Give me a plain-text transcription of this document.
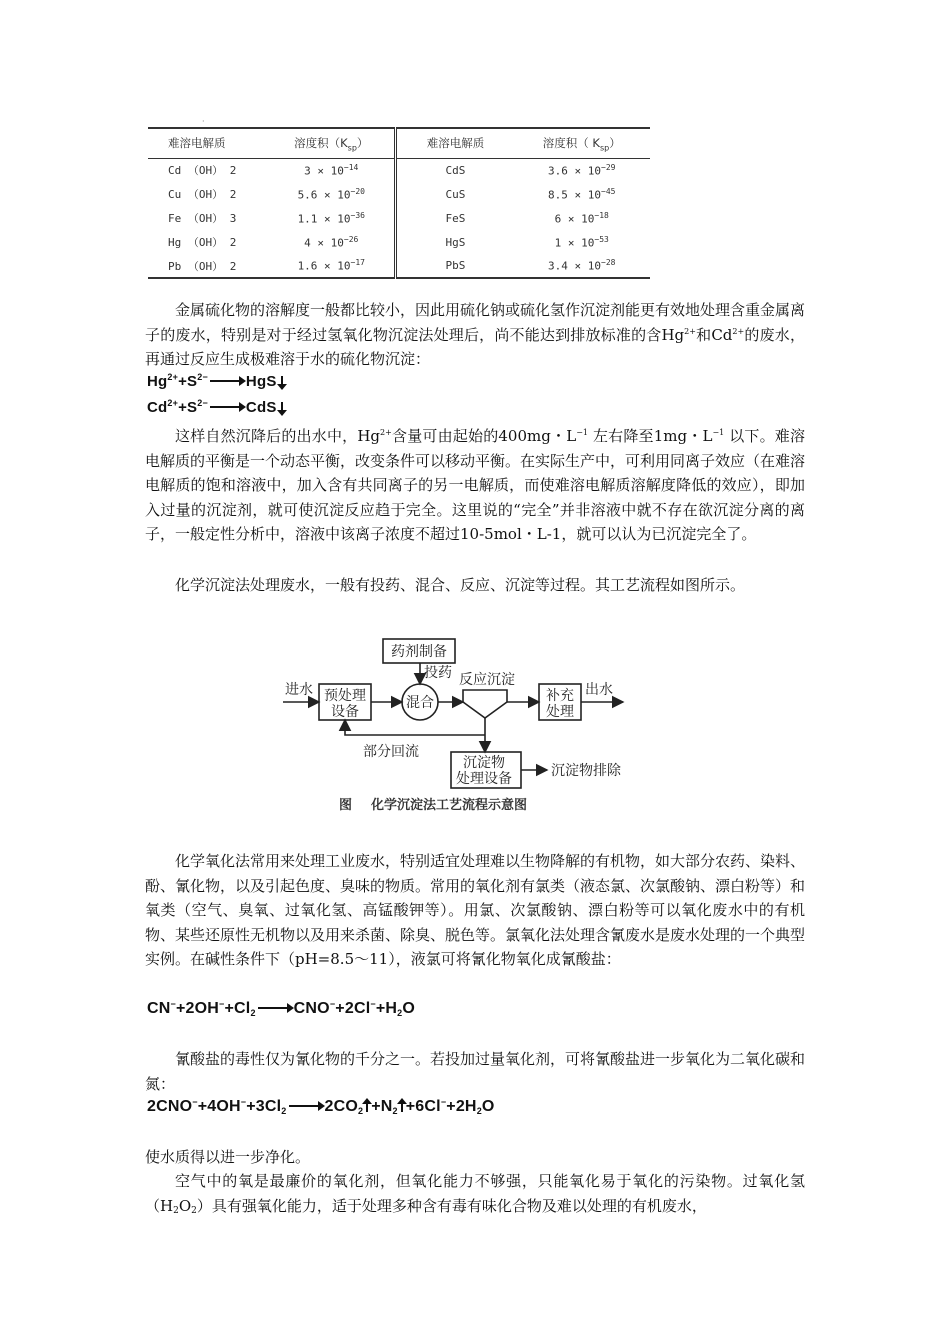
·
难溶电解质	溶度积$(K_{sp})$	难溶电解质	溶度积（ $K_{sp}$）
Cd （OH） 2	$3 \times 10^{-14}$	CdS	$3.6 \times 10^{-29}$
Cu （OH） 2	$5.6 \times 10^{-20}$	CuS	$8.5 \times 10^{-45}$
Fe （OH） 3	$1.1 \times 10^{-36}$	FeS	$6 \times 10^{-18}$
Hg （OH） 2	$4 \times 10^{-26}$	HgS	$1 \times 10^{-53}$
Pb （OH） 2	$1.6 \times 10^{-17}$	PbS	$3.4 \times 10^{-28}$

金属硫化物的溶解度一般都比较小，因此用硫化钠或硫化氢作沉淀剂能更有效地处理含重金属离子的废水，特别是对于经过氢氧化物沉淀法处理后，尚不能达到排放标准的含$Hg^{2+}$和$Cd^{2+}$的废水，再通过反应生成极难溶于水的硫化物沉淀：

$Hg^{2+}+S^{2-}$ → HgS
$Cd^{2+}+S^{2-}$ → CdS

这样自然沉降后的出水中，$Hg^{2+}$含量可由起始的400mg・$L^{-1}$ 左右降至1mg・$L^{-1}$ 以下。难溶电解质的平衡是一个动态平衡，改变条件可以移动平衡。在实际生产中，可利用同离子效应（在难溶电解质的饱和溶液中，加入含有共同离子的另一电解质，而使难溶电解质溶解度降低的效应），即加入过量的沉淀剂，就可使沉淀反应趋于完全。这里说的“完全”并非溶液中就不存在欲沉淀分离的离子，一般定性分析中，溶液中该离子浓度不超过10-5mol・L-1，就可以认为已沉淀完全了。

化学沉淀法处理废水，一般有投药、混合、反应、沉淀等过程。其工艺流程如图所示。

药剂制备
投药
进水 预处理
设备
混合
反应沉淀
补充
处理
出水
部分回流
沉淀物
处理设备	沉淀物排除
图 化学沉淀法工艺流程示意图

化学氧化法常用来处理工业废水，特别适宜处理难以生物降解的有机物，如大部分农药、染料、酚、氰化物，以及引起色度、臭味的物质。常用的氧化剂有氯类（液态氯、次氯酸钠、漂白粉等）和氧类（空气、臭氧、过氧化氢、高锰酸钾等）。用氯、次氯酸钠、漂白粉等可以氧化废水中的有机物、某些还原性无机物以及用来杀菌、除臭、脱色等。氯氧化法处理含氰废水是废水处理的一个典型实例。在碱性条件下（pH=8.5～11），液氯可将氰化物氧化成氰酸盐：

$CN^-+2OH^-+Cl_2 \to CNO^-+2Cl^-+H_2O$

氰酸盐的毒性仅为氰化物的千分之一。若投加过量氧化剂，可将氰酸盐进一步氧化为二氧化碳和氮：

$2CNO^-+4OH^-+3Cl_2 \to 2CO_2 +N_2 +6Cl^-+2H_2O$

使水质得以进一步净化。

空气中的氧是最廉价的氧化剂，但氧化能力不够强，只能氧化易于氧化的污染物。过氧化氢$(H_2O_2)$具有强氧化能力，适于处理多种含有毒有味化合物及难以处理的有机废水，
